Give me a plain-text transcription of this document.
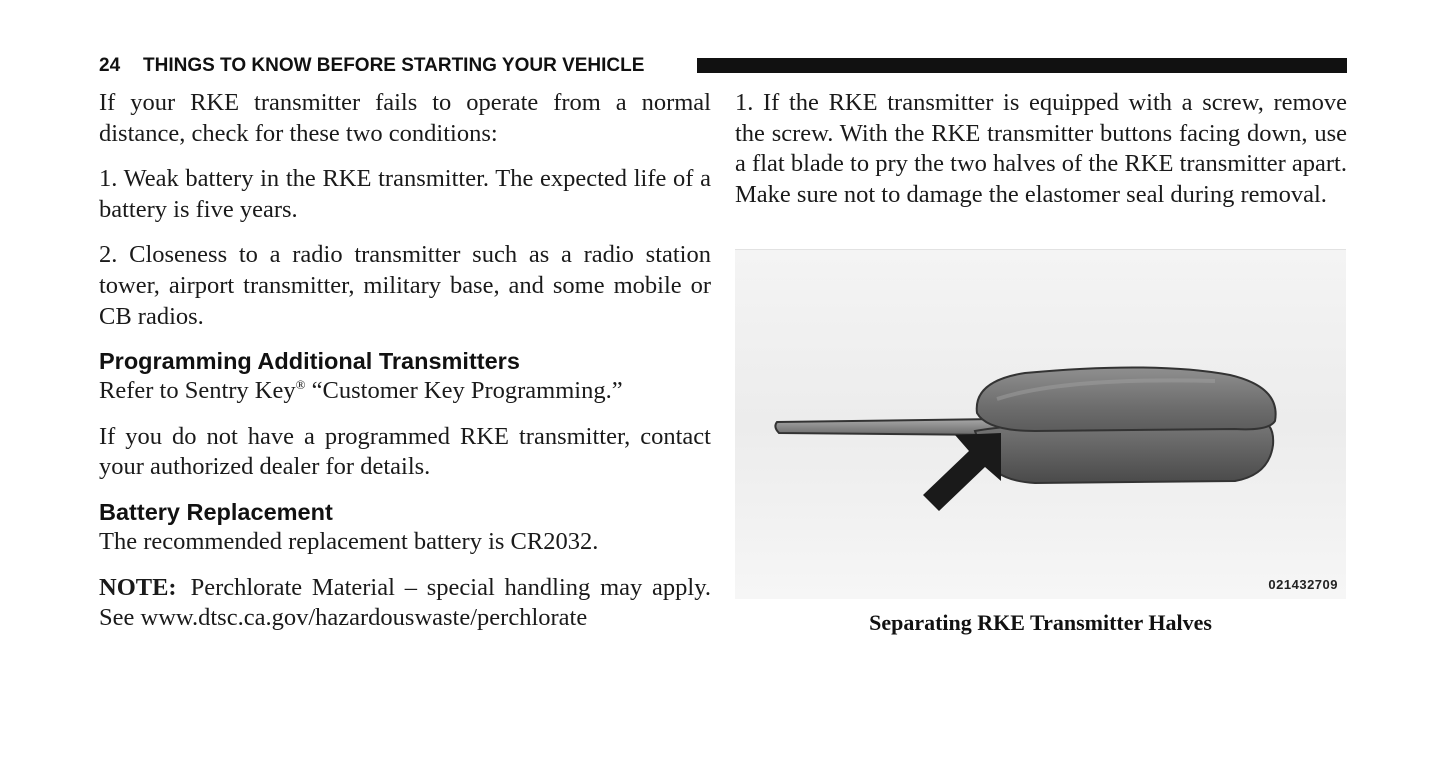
24 THINGS TO KNOW BEFORE STARTING YOUR VEHICLE

If your RKE transmitter fails to operate from a normal distance, check for these two conditions:

1. Weak battery in the RKE transmitter. The expected life of a battery is five years.

2. Closeness to a radio transmitter such as a radio station tower, airport transmitter, military base, and some mobile or CB radios.

Programming Additional Transmitters

Refer to Sentry Key® “Customer Key Programming.”

If you do not have a programmed RKE transmitter, contact your authorized dealer for details.

Battery Replacement

The recommended replacement battery is CR2032.

NOTE: Perchlorate Material – special handling may apply. See www.dtsc.ca.gov/hazardouswaste/perchlorate

1. If the RKE transmitter is equipped with a screw, remove the screw. With the RKE transmitter buttons facing down, use a flat blade to pry the two halves of the RKE transmitter apart. Make sure not to damage the elastomer seal during removal.

021432709
Separating RKE Transmitter Halves
